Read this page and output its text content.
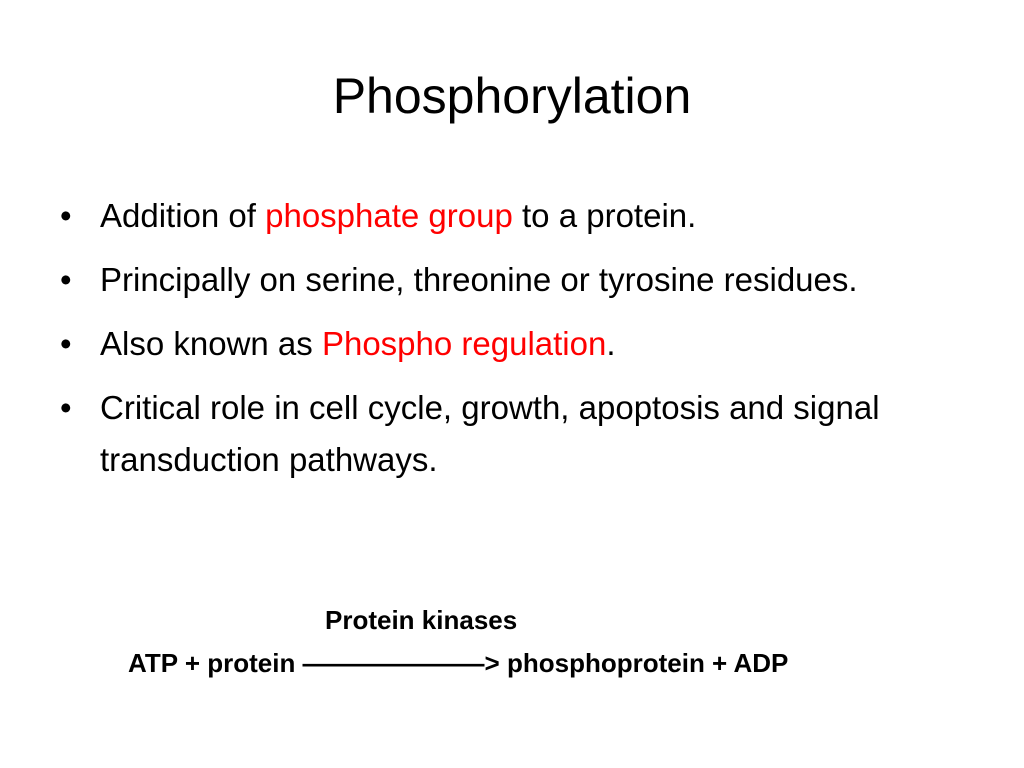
Phosphorylation
• Addition of phosphate group to a protein.
• Principally on serine, threonine or tyrosine residues.
• Also known as Phospho regulation.
• Critical role in cell cycle, growth, apoptosis and signal transduction pathways.
Protein kinases
ATP + protein ———————> phosphoprotein + ADP
